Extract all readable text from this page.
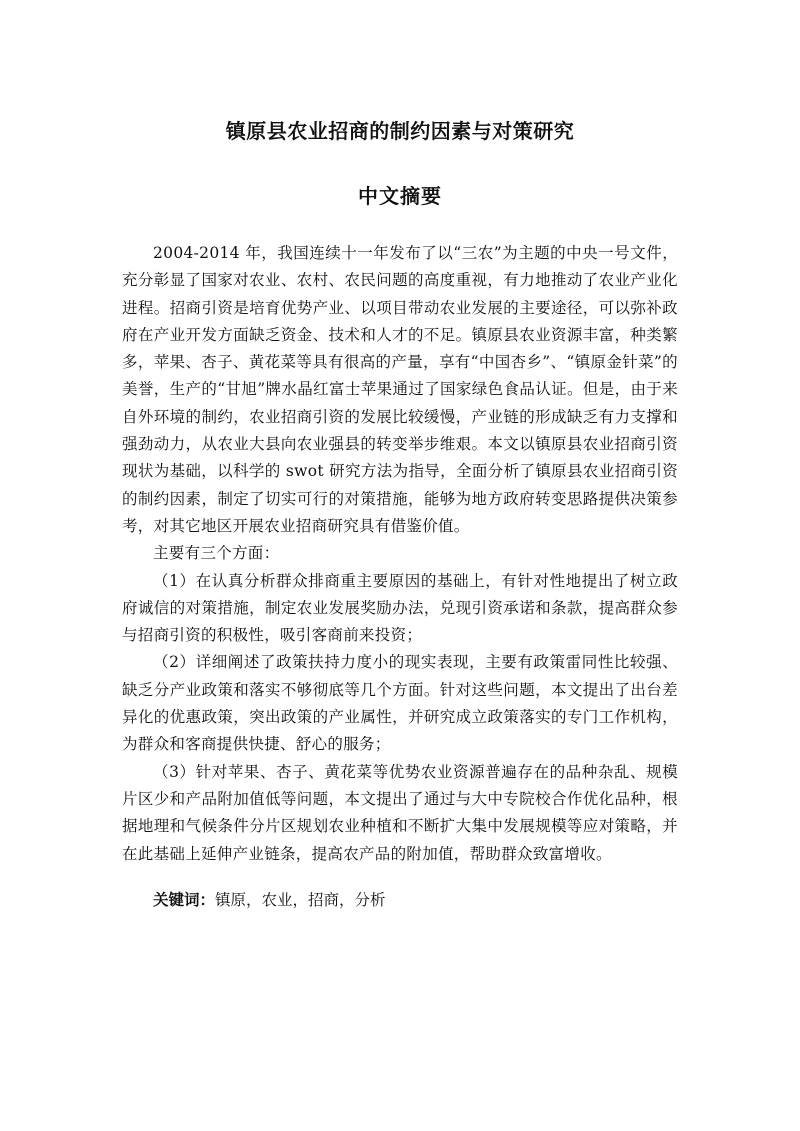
镇原县农业招商的制约因素与对策研究
中文摘要

2004-2014 年，我国连续十一年发布了以“三农”为主题的中央一号文件，充分彰显了国家对农业、农村、农民问题的高度重视，有力地推动了农业产业化进程。招商引资是培育优势产业、以项目带动农业发展的主要途径，可以弥补政府在产业开发方面缺乏资金、技术和人才的不足。镇原县农业资源丰富，种类繁多，苹果、杏子、黄花菜等具有很高的产量，享有“中国杏乡”、“镇原金针菜”的美誉，生产的“甘旭”牌水晶红富士苹果通过了国家绿色食品认证。但是，由于来自外环境的制约，农业招商引资的发展比较缓慢，产业链的形成缺乏有力支撑和强劲动力，从农业大县向农业强县的转变举步维艰。本文以镇原县农业招商引资现状为基础，以科学的 swot 研究方法为指导，全面分析了镇原县农业招商引资的制约因素，制定了切实可行的对策措施，能够为地方政府转变思路提供决策参考，对其它地区开展农业招商研究具有借鉴价值。

主要有三个方面：

（1）在认真分析群众排商重主要原因的基础上，有针对性地提出了树立政府诚信的对策措施，制定农业发展奖励办法，兑现引资承诺和条款，提高群众参与招商引资的积极性，吸引客商前来投资；

（2）详细阐述了政策扶持力度小的现实表现，主要有政策雷同性比较强、缺乏分产业政策和落实不够彻底等几个方面。针对这些问题，本文提出了出台差异化的优惠政策，突出政策的产业属性，并研究成立政策落实的专门工作机构，为群众和客商提供快捷、舒心的服务；

（3）针对苹果、杏子、黄花菜等优势农业资源普遍存在的品种杂乱、规模片区少和产品附加值低等问题，本文提出了通过与大中专院校合作优化品种，根据地理和气候条件分片区规划农业种植和不断扩大集中发展规模等应对策略，并在此基础上延伸产业链条，提高农产品的附加值，帮助群众致富增收。

关键词：镇原，农业，招商，分析
